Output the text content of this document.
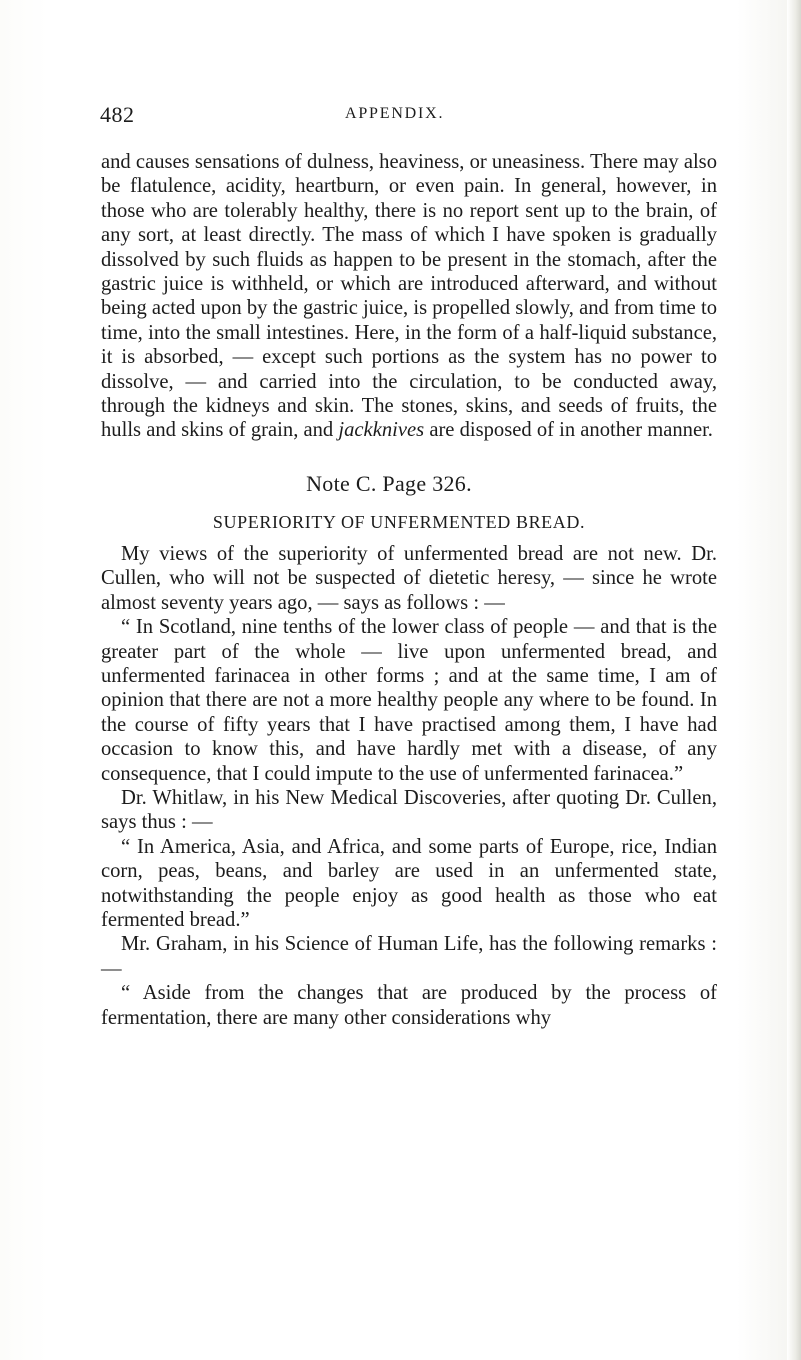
482	APPENDIX.

and causes sensations of dulness, heaviness, or uneasiness. There may also be flatulence, acidity, heartburn, or even pain. In general, however, in those who are tolerably healthy, there is no report sent up to the brain, of any sort, at least directly. The mass of which I have spoken is gradually dissolved by such fluids as happen to be present in the stomach, after the gastric juice is withheld, or which are introduced afterward, and without being acted upon by the gastric juice, is propelled slowly, and from time to time, into the small intestines. Here, in the form of a half-liquid substance, it is absorbed, — except such portions as the system has no power to dissolve, — and carried into the circulation, to be conducted away, through the kidneys and skin. The stones, skins, and seeds of fruits, the hulls and skins of grain, and jackknives are disposed of in another manner.

Note C. Page 326.

SUPERIORITY OF UNFERMENTED BREAD.

My views of the superiority of unfermented bread are not new. Dr. Cullen, who will not be suspected of dietetic heresy, — since he wrote almost seventy years ago, — says as follows : —

“ In Scotland, nine tenths of the lower class of people — and that is the greater part of the whole — live upon unfermented bread, and unfermented farinacea in other forms ; and at the same time, I am of opinion that there are not a more healthy people any where to be found. In the course of fifty years that I have practised among them, I have had occasion to know this, and have hardly met with a disease, of any consequence, that I could impute to the use of unfermented farinacea.”

Dr. Whitlaw, in his New Medical Discoveries, after quoting Dr. Cullen, says thus : —

“ In America, Asia, and Africa, and some parts of Europe, rice, Indian corn, peas, beans, and barley are used in an unfermented state, notwithstanding the people enjoy as good health as those who eat fermented bread.”

Mr. Graham, in his Science of Human Life, has the following remarks : —

“ Aside from the changes that are produced by the process of fermentation, there are many other considerations why
